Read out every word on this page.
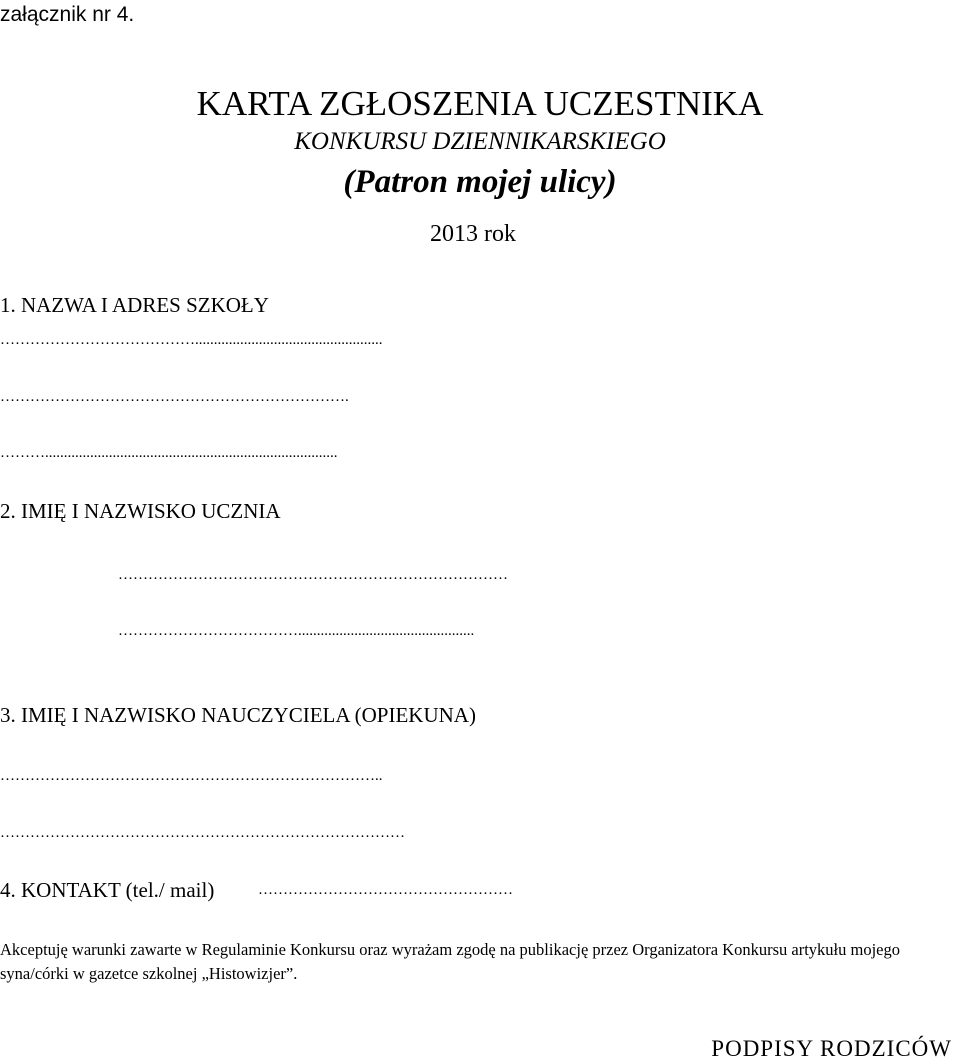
załącznik nr 4.
KARTA ZGŁOSZENIA UCZESTNIKA
KONKURSU DZIENNIKARSKIEGO
(Patron mojej ulicy)
2013 rok
1. NAZWA I ADRES SZKOŁY
…………………………………..................................................
…………………………………………………………….
………..............................................................................
2. IMIĘ I NAZWISKO UCZNIA
……………………………………………………………………
………………………………...............................................
3. IMIĘ I NAZWISKO NAUCZYCIELA (OPIEKUNA)
…………………………………………………………………..
………………………………………………………………………
4. KONTAKT (tel./ mail)	……………………………………………
Akceptuję warunki zawarte w Regulaminie Konkursu oraz wyrażam zgodę na publikację przez Organizatora Konkursu artykułu mojego syna/córki w gazetce szkolnej „Histowizjer”.
PODPISY RODZICÓW
